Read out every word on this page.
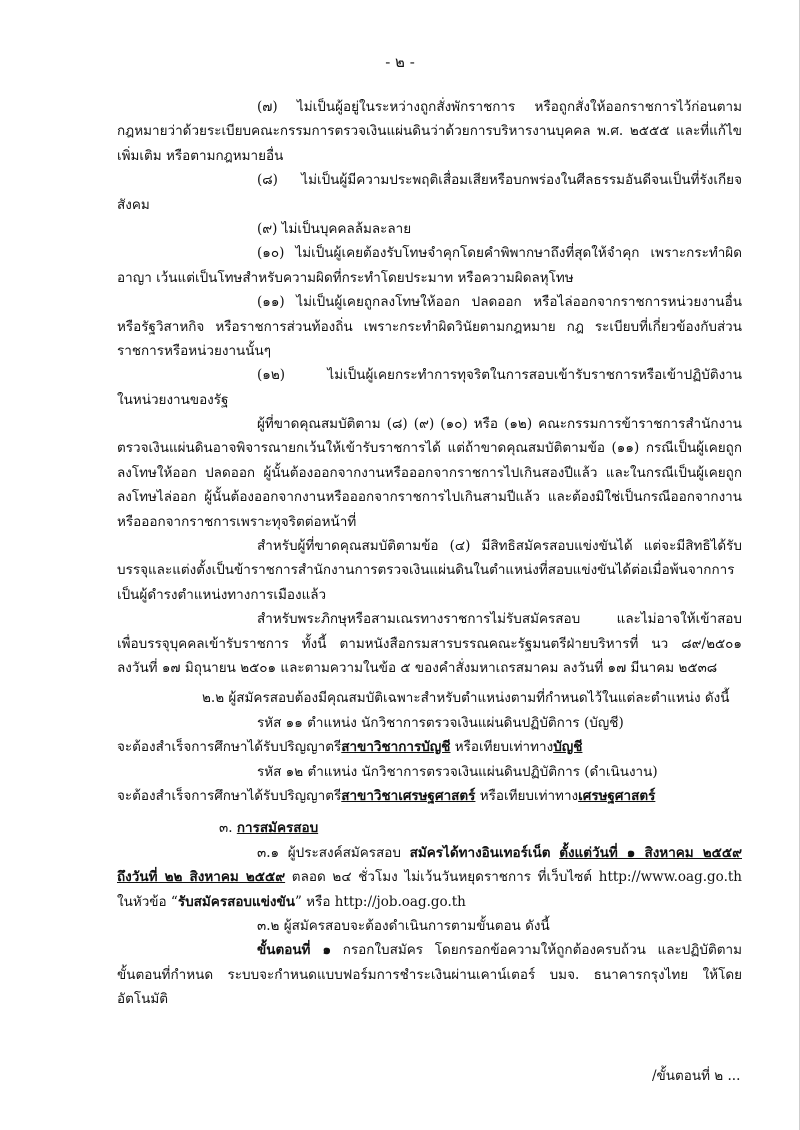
- ๒ -
(๗) ไม่เป็นผู้อยู่ในระหว่างถูกสั่งพักราชการ หรือถูกสั่งให้ออกราชการไว้ก่อนตาม
กฎหมายว่าด้วยระเบียบคณะกรรมการตรวจเงินแผ่นดินว่าด้วยการบริหารงานบุคคล พ.ศ. ๒๕๕๕ และที่แก้ไข
เพิ่มเติม หรือตามกฎหมายอื่น
(๘) ไม่เป็นผู้มีความประพฤติเสื่อมเสียหรือบกพร่องในศีลธรรมอันดีจนเป็นที่รังเกียจ
สังคม
(๙) ไม่เป็นบุคคลล้มละลาย
(๑๐) ไม่เป็นผู้เคยต้องรับโทษจำคุกโดยคำพิพากษาถึงที่สุดให้จำคุก เพราะกระทำผิด
อาญา เว้นแต่เป็นโทษสำหรับความผิดที่กระทำโดยประมาท หรือความผิดลหุโทษ
(๑๑) ไม่เป็นผู้เคยถูกลงโทษให้ออก ปลดออก หรือไล่ออกจากราชการหน่วยงานอื่น
หรือรัฐวิสาหกิจ หรือราชการส่วนท้องถิ่น เพราะกระทำผิดวินัยตามกฎหมาย กฎ ระเบียบที่เกี่ยวข้องกับส่วน
ราชการหรือหน่วยงานนั้นๆ
(๑๒) ไม่เป็นผู้เคยกระทำการทุจริตในการสอบเข้ารับราชการหรือเข้าปฏิบัติงาน
ในหน่วยงานของรัฐ
ผู้ที่ขาดคุณสมบัติตาม (๘) (๙) (๑๐) หรือ (๑๒) คณะกรรมการข้าราชการสำนักงาน
ตรวจเงินแผ่นดินอาจพิจารณายกเว้นให้เข้ารับราชการได้ แต่ถ้าขาดคุณสมบัติตามข้อ (๑๑) กรณีเป็นผู้เคยถูก
ลงโทษให้ออก ปลดออก ผู้นั้นต้องออกจากงานหรือออกจากราชการไปเกินสองปีแล้ว และในกรณีเป็นผู้เคยถูก
ลงโทษไล่ออก ผู้นั้นต้องออกจากงานหรือออกจากราชการไปเกินสามปีแล้ว และต้องมิใช่เป็นกรณีออกจากงาน
หรือออกจากราชการเพราะทุจริตต่อหน้าที่
สำหรับผู้ที่ขาดคุณสมบัติตามข้อ (๔) มีสิทธิสมัครสอบแข่งขันได้ แต่จะมีสิทธิได้รับ
บรรจุและแต่งตั้งเป็นข้าราชการสำนักงานการตรวจเงินแผ่นดินในตำแหน่งที่สอบแข่งขันได้ต่อเมื่อพ้นจากการ
เป็นผู้ดำรงตำแหน่งทางการเมืองแล้ว
สำหรับพระภิกษุหรือสามเณรทางราชการไม่รับสมัครสอบ และไม่อาจให้เข้าสอบ
เพื่อบรรจุบุคคลเข้ารับราชการ ทั้งนี้ ตามหนังสือกรมสารบรรณคณะรัฐมนตรีฝ่ายบริหารที่ นว ๘๙/๒๕๐๑
ลงวันที่ ๑๗ มิถุนายน ๒๕๐๑ และตามความในข้อ ๕ ของคำสั่งมหาเถรสมาคม ลงวันที่ ๑๗ มีนาคม ๒๕๓๘
๒.๒ ผู้สมัครสอบต้องมีคุณสมบัติเฉพาะสำหรับตำแหน่งตามที่กำหนดไว้ในแต่ละตำแหน่ง ดังนี้
รหัส ๑๑ ตำแหน่ง นักวิชาการตรวจเงินแผ่นดินปฏิบัติการ (บัญชี)
จะต้องสำเร็จการศึกษาได้รับปริญญาตรีสาขาวิชาการบัญชี หรือเทียบเท่าทางบัญชี
รหัส ๑๒ ตำแหน่ง นักวิชาการตรวจเงินแผ่นดินปฏิบัติการ (ดำเนินงาน)
จะต้องสำเร็จการศึกษาได้รับปริญญาตรีสาขาวิชาเศรษฐศาสตร์ หรือเทียบเท่าทางเศรษฐศาสตร์
๓. การสมัครสอบ
๓.๑ ผู้ประสงค์สมัครสอบ สมัครได้ทางอินเทอร์เน็ต ตั้งแต่วันที่ ๑ สิงหาคม ๒๕๕๙
ถึงวันที่ ๒๒ สิงหาคม ๒๕๕๙ ตลอด ๒๔ ชั่วโมง ไม่เว้นวันหยุดราชการ ที่เว็บไซต์ http://www.oag.go.th
ในหัวข้อ “รับสมัครสอบแข่งขัน” หรือ http://job.oag.go.th
๓.๒ ผู้สมัครสอบจะต้องดำเนินการตามขั้นตอน ดังนี้
ขั้นตอนที่ ๑ กรอกใบสมัคร โดยกรอกข้อความให้ถูกต้องครบถ้วน และปฏิบัติตาม
ขั้นตอนที่กำหนด ระบบจะกำหนดแบบฟอร์มการชำระเงินผ่านเคาน์เตอร์ บมจ. ธนาคารกรุงไทย ให้โดย
อัตโนมัติ
/ขั้นตอนที่ ๒ ...
